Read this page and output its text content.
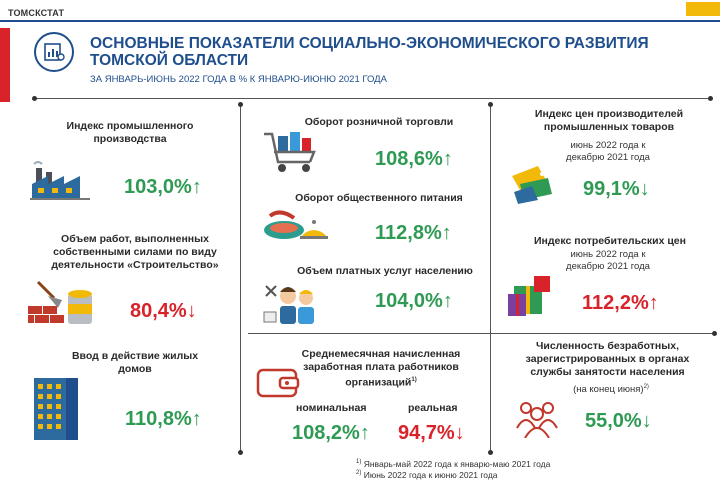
ТОМСКСТАТ
ОСНОВНЫЕ ПОКАЗАТЕЛИ СОЦИАЛЬНО-ЭКОНОМИЧЕСКОГО РАЗВИТИЯ ТОМСКОЙ ОБЛАСТИ
ЗА ЯНВАРЬ-ИЮНЬ 2022 ГОДА В % К ЯНВАРЮ-ИЮНЮ 2021 ГОДА
Индекс промышленного производства
103,0%↑
Объем работ, выполненных собственными силами по виду деятельности «Строительство»
80,4%↓
Ввод в действие жилых домов
110,8%↑
Оборот розничной торговли
108,6%↑
Оборот общественного питания
112,8%↑
Объем платных услуг населению
104,0%↑
Среднемесячная начисленная заработная плата работников организаций$^{1)}$
номинальная	реальная
108,2%↑ 94,7%↓
Индекс цен производителей промышленных товаров
июнь 2022 года к декабрю 2021 года
99,1%↓
Индекс потребительских цен
июнь 2022 года к декабрю 2021 года
112,2%↑
Численность безработных, зарегистрированных в органах службы занятости населения
(на конец июня)$^{2)}$
55,0%↓
$^{1)}$ Январь-май 2022 года к январю-маю 2021 года
$^{2)}$ Июнь 2022 года к июню 2021 года
